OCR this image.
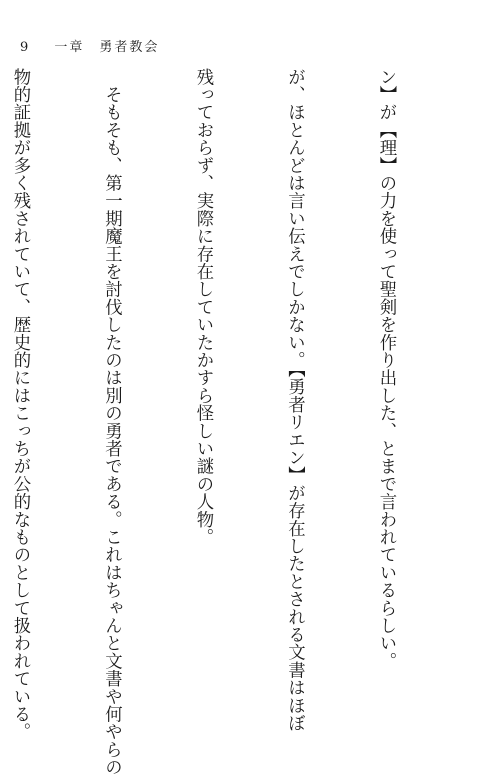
9 一章　勇者教会

ン】が【理】の力を使って聖剣を作り出した、とまで言われているらしい。

が、ほとんどは言い伝えでしかない。【勇者リエン】が存在したとされる文書はほぼ

残っておらず、実際に存在していたかすら怪しい謎の人物。

　そもそも、第一期魔王を討伐したのは別の勇者である。これはちゃんと文書や何やらの

物的証拠が多く残されていて、歴史的にはこっちが公的なものとして扱われている。
